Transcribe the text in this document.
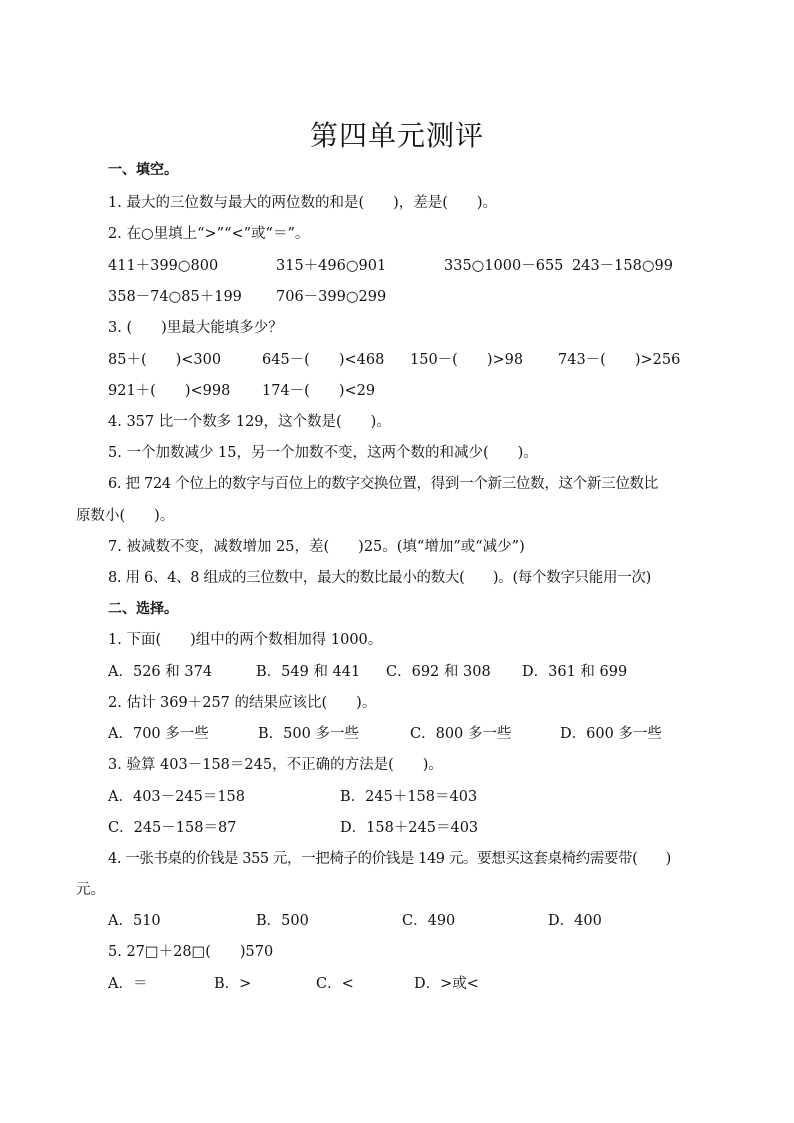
第四单元测评
一、填空。
1. 最大的三位数与最大的两位数的和是(　　)，差是(　　)。
2. 在○里填上“>”“<”或“＝”。
411＋399○800	315＋496○901	335○1000－655 243－158○99
358－74○85＋199 706－399○299
3. (　　)里最大能填多少？
85＋(　　)<300	645－(　　)<468 150－(　　)>98 743－(　　)>256
921＋(　　)<998 174－(　　)<29
4. 357 比一个数多 129，这个数是(　　)。
5. 一个加数减少 15，另一个加数不变，这两个数的和减少(　　)。
6. 把 724 个位上的数字与百位上的数字交换位置，得到一个新三位数，这个新三位数比
原数小(　　)。
7. 被减数不变，减数增加 25，差(　　)25。(填“增加”或“减少”)
8. 用 6、4、8 组成的三位数中，最大的数比最小的数大(　　)。(每个数字只能用一次)
二、选择。
1. 下面(　　)组中的两个数相加得 1000。
A．526 和 374	B．549 和 441 C．692 和 308 D．361 和 699
2. 估计 369＋257 的结果应该比(　　)。
A．700 多一些	B．500 多一些	C．800 多一些	D．600 多一些
3. 验算 403－158＝245，不正确的方法是(　　)。
A．403－245＝158	B．245＋158＝403
C．245－158＝87	D．158＋245＝403
4. 一张书桌的价钱是 355 元，一把椅子的价钱是 149 元。要想买这套桌椅约需要带(　　)
元。
A．510	B．500	C．490	D．400
5. 27□＋28□(　　)570
A．＝	B．>	C．<	D．>或<
